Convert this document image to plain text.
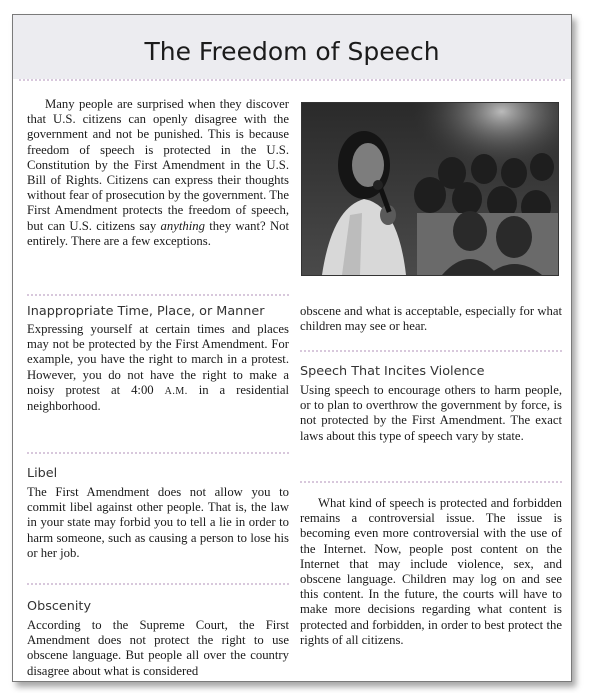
The Freedom of Speech
Many people are surprised when they discover that U.S. citizens can openly disagree with the government and not be punished. This is because freedom of speech is protected in the U.S. Constitution by the First Amendment in the U.S. Bill of Rights. Citizens can express their thoughts without fear of prosecution by the government. The First Amendment protects the freedom of speech, but can U.S. citizens say anything they want? Not entirely. There are a few exceptions.
Inappropriate Time, Place, or Manner
Expressing yourself at certain times and places may not be protected by the First Amendment. For example, you have the right to march in a protest. However, you do not have the right to make a noisy protest at 4:00 A.M. in a residential neighborhood.
Libel
The First Amendment does not allow you to commit libel against other people. That is, the law in your state may forbid you to tell a lie in order to harm someone, such as causing a person to lose his or her job.
Obscenity
According to the Supreme Court, the First Amendment does not protect the right to use obscene language. But people all over the country disagree about what is considered
obscene and what is acceptable, especially for what children may see or hear.
Speech That Incites Violence
Using speech to encourage others to harm people, or to plan to overthrow the government by force, is not protected by the First Amendment. The exact laws about this type of speech vary by state.
What kind of speech is protected and forbidden remains a controversial issue. The issue is becoming even more controversial with the use of the Internet. Now, people post content on the Internet that may include violence, sex, and obscene language. Children may log on and see this content. In the future, the courts will have to make more decisions regarding what content is protected and forbidden, in order to best protect the rights of all citizens.
